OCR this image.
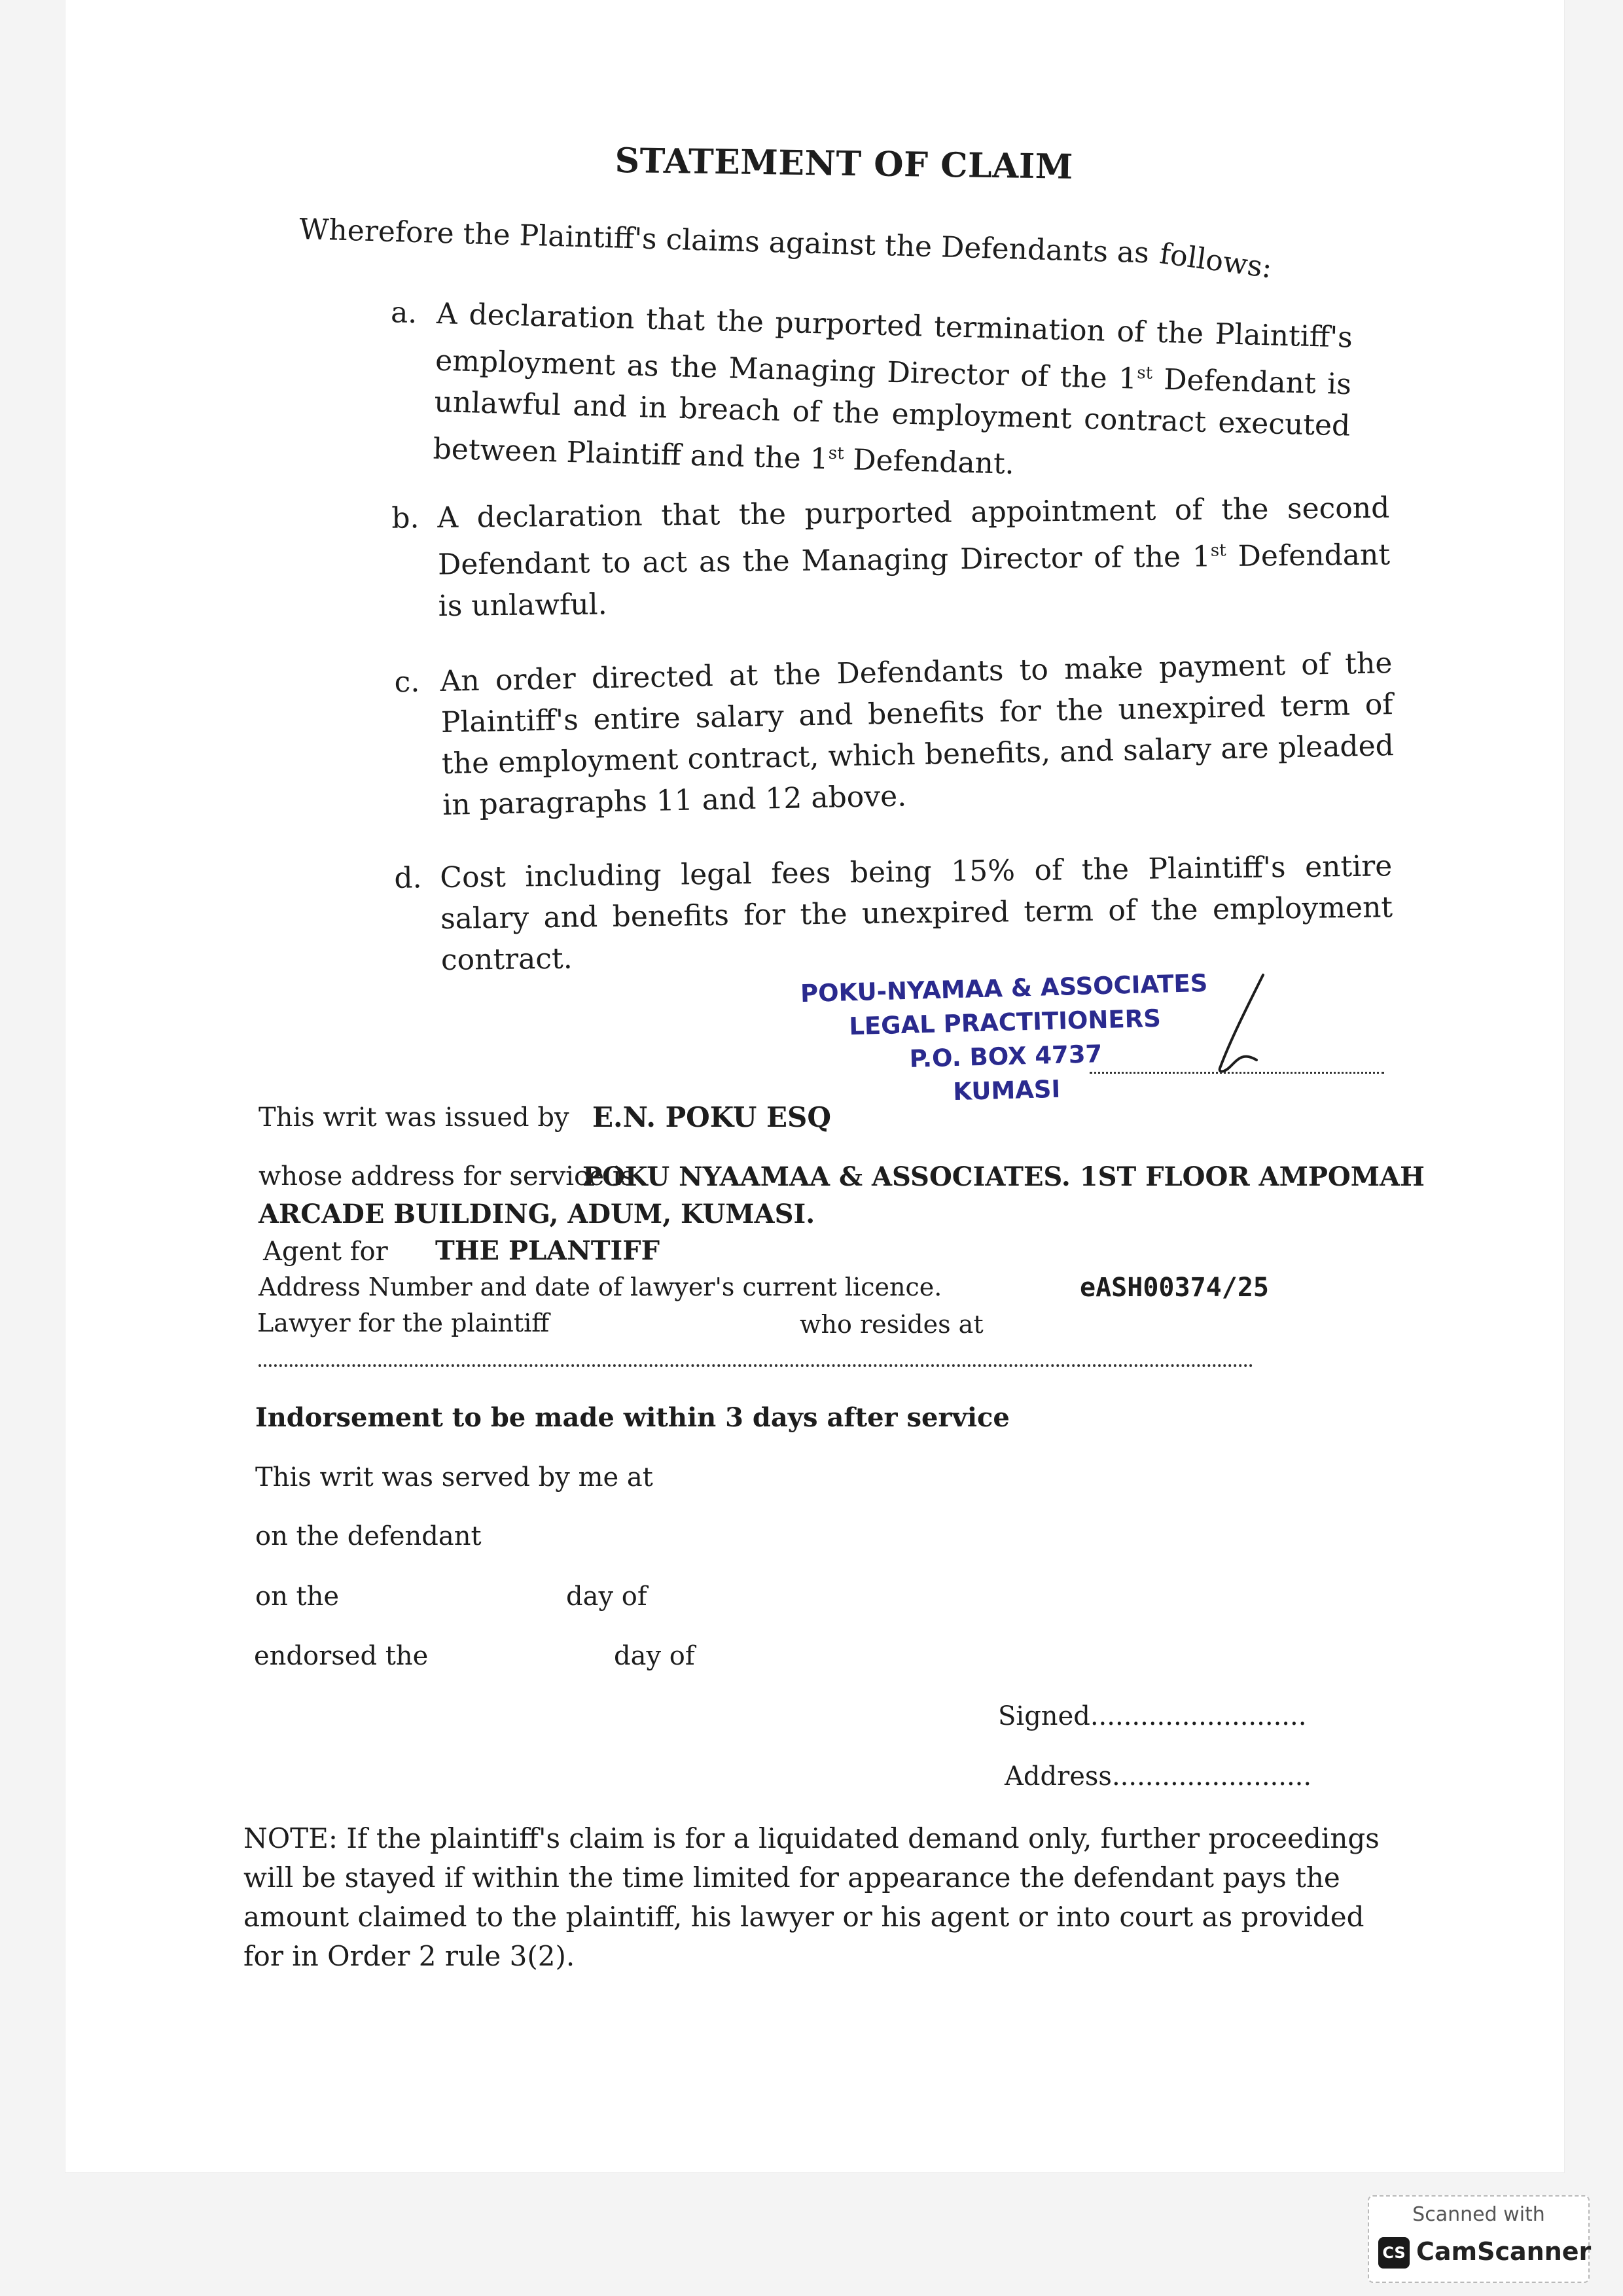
STATEMENT OF CLAIM
Wherefore the Plaintiff's claims against the Defendants as follows:
a. A declaration that the purported termination of the Plaintiff's employment as the Managing Director of the 1st Defendant is unlawful and in breach of the employment contract executed between Plaintiff and the 1st Defendant.
b. A declaration that the purported appointment of the second Defendant to act as the Managing Director of the 1st Defendant is unlawful.
c. An order directed at the Defendants to make payment of the Plaintiff's entire salary and benefits for the unexpired term of the employment contract, which benefits, and salary are pleaded in paragraphs 11 and 12 above.
d. Cost including legal fees being 15% of the Plaintiff's entire salary and benefits for the unexpired term of the employment contract.
POKU-NYAMAA & ASSOCIATES
LEGAL PRACTITIONERS
P.O. BOX 4737
KUMASI
This writ was issued by E.N. POKU ESQ
whose address for service is
POKU NYAAMAA & ASSOCIATES. 1ST FLOOR AMPOMAH
ARCADE BUILDING, ADUM, KUMASI.
Agent for THE PLANTIFF
Address Number and date of lawyer's current licence.	eASH00374/25
Lawyer for the plaintiff	who resides at
Indorsement to be made within 3 days after service
This writ was served by me at
on the defendant
on the	day of
endorsed the	day of
Signed..........................
Address........................
NOTE: If the plaintiff's claim is for a liquidated demand only, further proceedings will be stayed if within the time limited for appearance the defendant pays the amount claimed to the plaintiff, his lawyer or his agent or into court as provided for in Order 2 rule 3(2).
Scanned with
CS CamScanner
